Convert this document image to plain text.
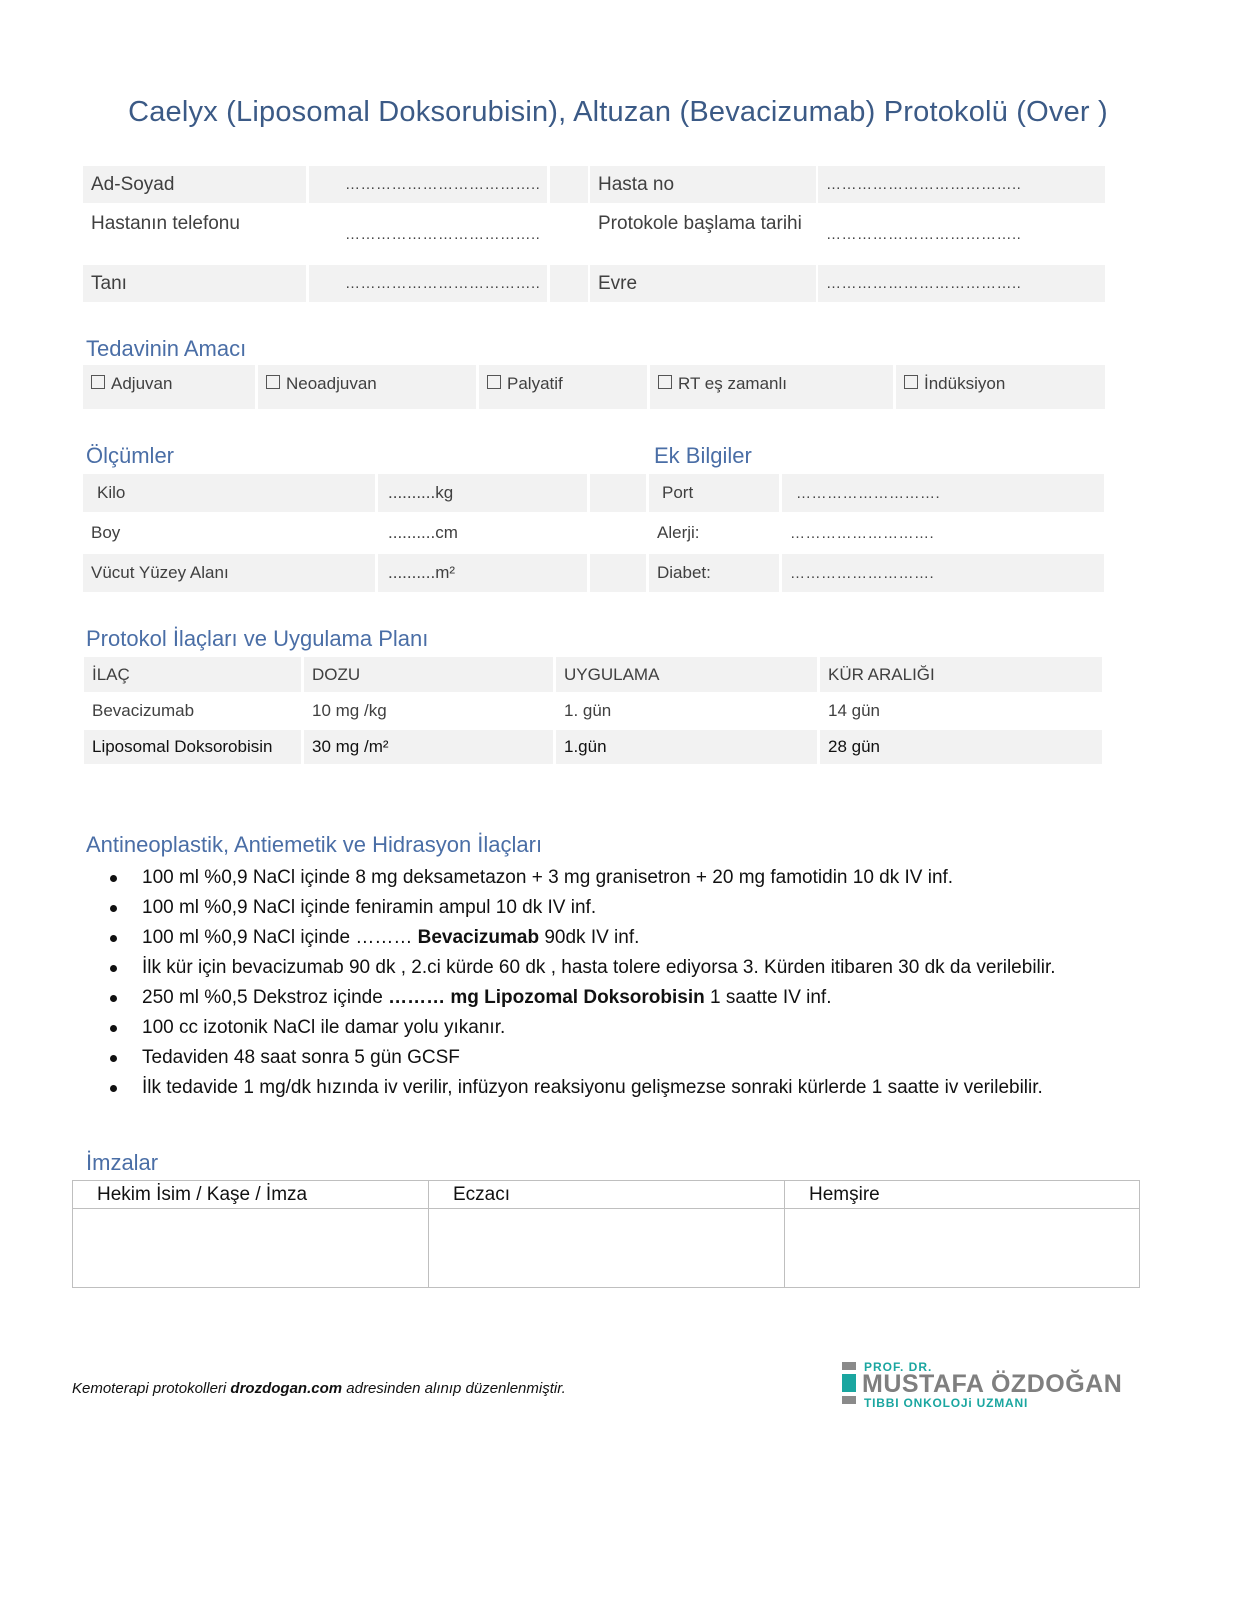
Caelyx (Liposomal Doksorubisin), Altuzan (Bevacizumab) Protokolü (Over )
Ad-Soyad	………………………………..	Hasta no	………………………………..
Hastanın telefonu
………………………………..
Protokole başlama tarihi
………………………………..
Tanı	………………………………..	Evre	………………………………..
Tedavinin Amacı
Adjuvan	Neoadjuvan	Palyatif	RT eş zamanlı	İndüksiyon
Ölçümler	Ek Bilgiler
Kilo	..........kg
Boy	..........cm
Vücut Yüzey Alanı	..........m²
Port	……………………….
Alerji:	……………………….
Diabet:	……………………….
Protokol İlaçları ve Uygulama Planı
İLAÇ	DOZU	UYGULAMA	KÜR ARALIĞI
Bevacizumab	10 mg /kg	1. gün	14 gün
Liposomal Doksorobisin	30 mg /m²	1.gün	28 gün
Antineoplastik, Antiemetik ve Hidrasyon İlaçları
100 ml %0,9 NaCl içinde 8 mg deksametazon + 3 mg granisetron + 20 mg famotidin 10 dk IV inf.
100 ml %0,9 NaCl içinde feniramin ampul 10 dk IV inf.
100 ml %0,9 NaCl içinde ……… Bevacizumab 90dk IV inf.
İlk kür için bevacizumab 90 dk , 2.ci kürde 60 dk , hasta tolere ediyorsa 3. Kürden itibaren 30 dk da verilebilir.
250 ml %0,5 Dekstroz içinde ……… mg Lipozomal Doksorobisin 1 saatte IV inf.
100 cc izotonik NaCl ile damar yolu yıkanır.
Tedaviden 48 saat sonra 5 gün GCSF
İlk tedavide 1 mg/dk hızında iv verilir, infüzyon reaksiyonu gelişmezse sonraki kürlerde 1 saatte iv verilebilir.
İmzalar
Hekim İsim / Kaşe / İmza	Eczacı	Hemşire
Kemoterapi protokolleri drozdogan.com adresinden alınıp düzenlenmiştir.
PROF. DR.
MUSTAFA ÖZDOĞAN
TIBBI ONKOLOJi UZMANI
